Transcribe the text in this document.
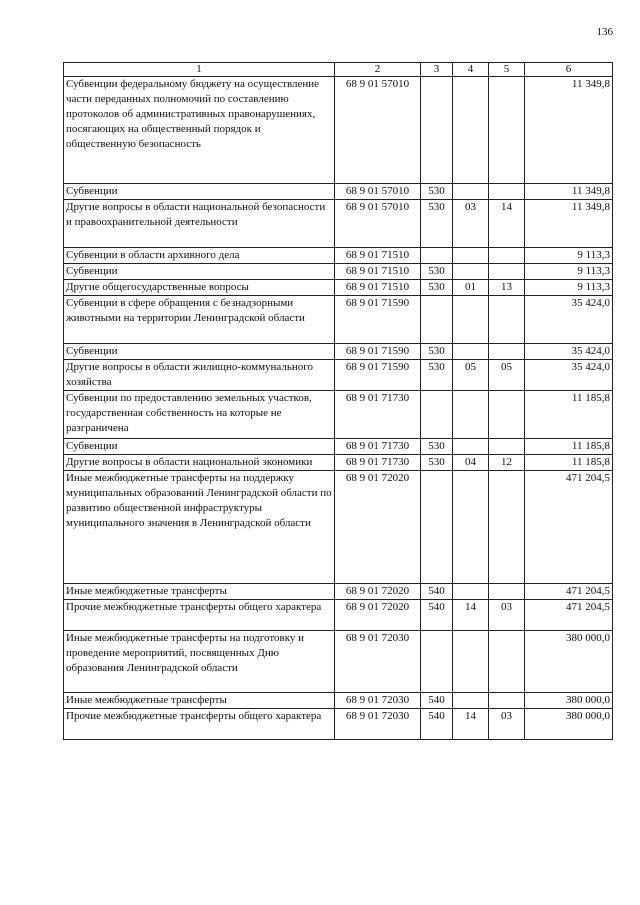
136
1	2	3	4	5	6
Субвенции федеральному бюджету на осуществление части переданных полномочий по составлению протоколов об административных правонарушениях, посягающих на общественный порядок и общественную безопасность	68 9 01 57010				11 349,8
Субвенции	68 9 01 57010	530			11 349,8
Другие вопросы в области национальной безопасности и правоохранительной деятельности	68 9 01 57010	530	03	14	11 349,8
Субвенции в области архивного дела	68 9 01 71510				9 113,3
Субвенции	68 9 01 71510	530			9 113,3
Другие общегосударственные вопросы	68 9 01 71510	530	01	13	9 113,3
Субвенции в сфере обращения с безнадзорными животными на территории Ленинградской области	68 9 01 71590				35 424,0
Субвенции	68 9 01 71590	530			35 424,0
Другие вопросы в области жилищно-коммунального хозяйства	68 9 01 71590	530	05	05	35 424,0
Субвенции по предоставлению земельных участков, государственная собственность на которые не разграничена	68 9 01 71730				11 185,8
Субвенции	68 9 01 71730	530			11 185,8
Другие вопросы в области национальной экономики	68 9 01 71730	530	04	12	11 185,8
Иные межбюджетные трансферты на поддержку муниципальных образований Ленинградской области по развитию общественной инфраструктуры муниципального значения в Ленинградской области	68 9 01 72020				471 204,5
Иные межбюджетные трансферты	68 9 01 72020	540			471 204,5
Прочие межбюджетные трансферты общего характера	68 9 01 72020	540	14	03	471 204,5
Иные межбюджетные трансферты на подготовку и проведение мероприятий, посвященных Дню образования Ленинградской области	68 9 01 72030				380 000,0
Иные межбюджетные трансферты	68 9 01 72030	540			380 000,0
Прочие межбюджетные трансферты общего характера	68 9 01 72030	540	14	03	380 000,0
